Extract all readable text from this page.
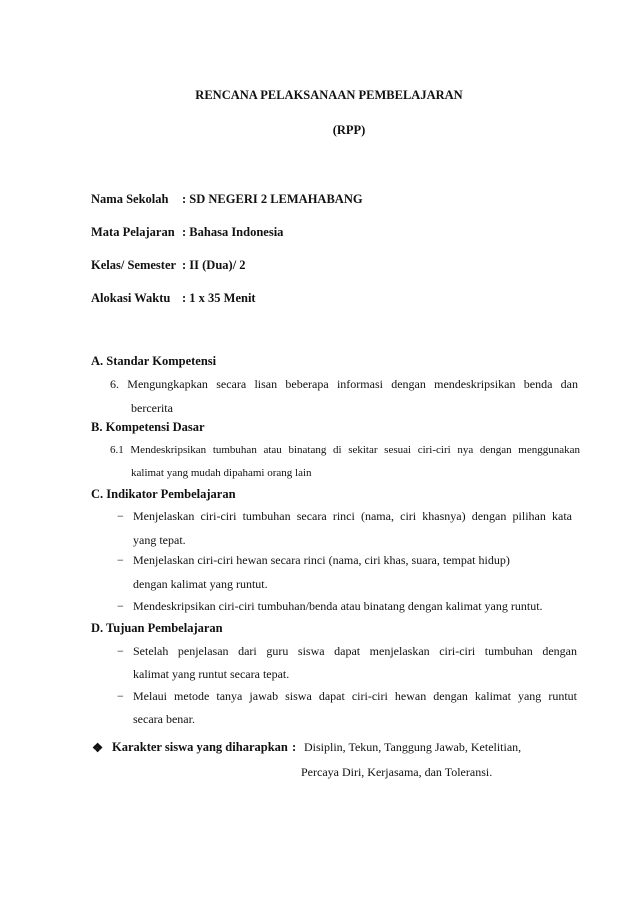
RENCANA PELAKSANAAN PEMBELAJARAN
(RPP)
Nama Sekolah : SD NEGERI 2 LEMAHABANG
Mata Pelajaran : Bahasa Indonesia
Kelas/ Semester : II (Dua)/ 2
Alokasi Waktu : 1 x 35 Menit
A. Standar Kompetensi
6. Mengungkapkan secara lisan beberapa informasi dengan mendeskripsikan benda dan
bercerita
B. Kompetensi Dasar
6.1 Mendeskripsikan tumbuhan atau binatang di sekitar sesuai ciri-ciri nya dengan menggunakan
kalimat yang mudah dipahami orang lain
C. Indikator Pembelajaran
− Menjelaskan ciri-ciri tumbuhan secara rinci (nama, ciri khasnya) dengan pilihan kata
yang tepat.
− Menjelaskan ciri-ciri hewan secara rinci (nama, ciri khas, suara, tempat hidup)
dengan kalimat yang runtut.
− Mendeskripsikan ciri-ciri tumbuhan/benda atau binatang dengan kalimat yang runtut.
D. Tujuan Pembelajaran
− Setelah penjelasan dari guru siswa dapat menjelaskan ciri-ciri tumbuhan dengan
kalimat yang runtut secara tepat.
− Melaui metode tanya jawab siswa dapat ciri-ciri hewan dengan kalimat yang runtut
secara benar.
❖ Karakter siswa yang diharapkan : Disiplin, Tekun, Tanggung Jawab, Ketelitian,
Percaya Diri, Kerjasama, dan Toleransi.
